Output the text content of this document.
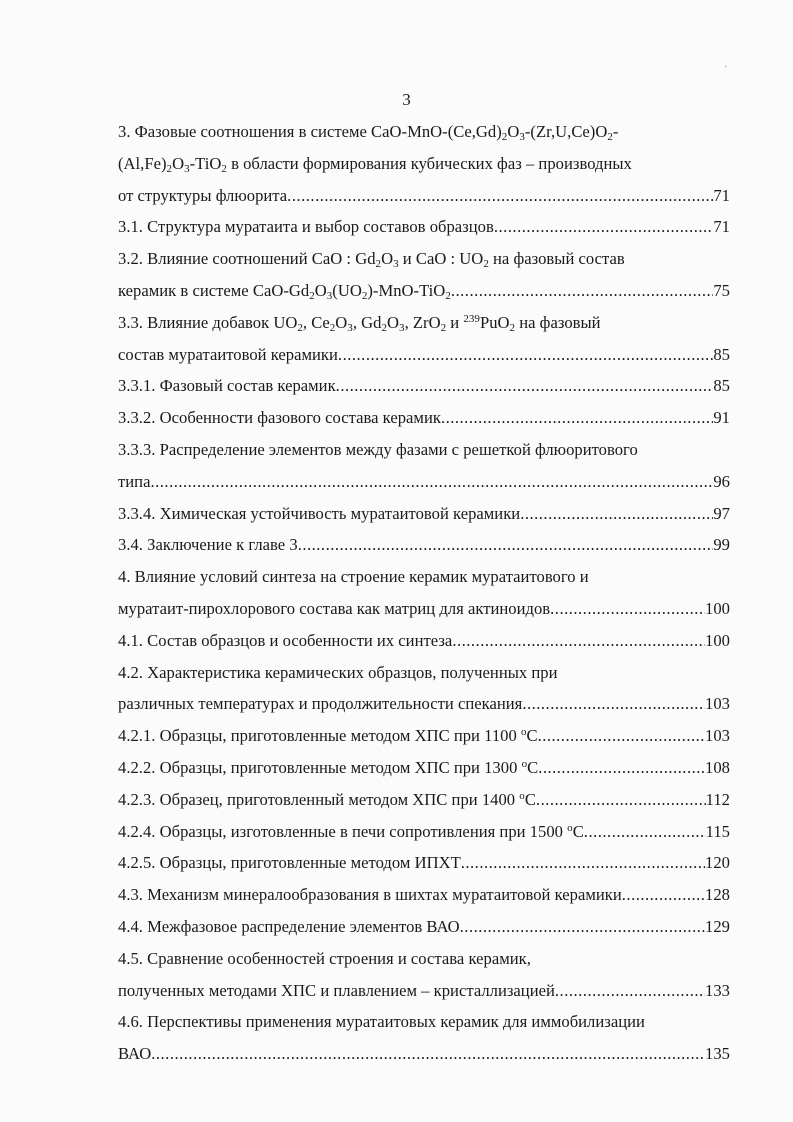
3
·
3. Фазовые соотношения в системе CaO-$MnO-(Ce,Gd)_2O_3-(Zr,U,Ce)O_2-$
$(Al,Fe)_2O_3-TiO_2$ в области формирования кубических фаз – производных
от структуры флюорита .....	71
3.1. Структура муратаита и выбор составов образцов .....	71
3.2. Влияние соотношений CaO : $Gd_2O_3$ и CaO : $UO_2$ на фазовый состав
керамик в системе CaO-$Gd_2O_3(UO_2)-MnO-TiO_2$ .....	75
3.3. Влияние добавок $UO_2$, $Ce_2O_3$, $Gd_2O_3$, ZrO$_2$ и $^{239}$PuO$_2$ на фазовый
состав муратаитовой керамики .....	85
3.3.1. Фазовый состав керамик .....	85
3.3.2. Особенности фазового состава керамик .....	91
3.3.3. Распределение элементов между фазами с решеткой флюоритового
типа .....	96
3.3.4. Химическая устойчивость муратаитовой керамики .....	97
3.4. Заключение к главе 3 .....	99
4. Влияние условий синтеза на строение керамик муратаитового и
муратаит-пирохлорового состава как матриц для актиноидов .....	100
4.1. Состав образцов и особенности их синтеза .....	100
4.2. Характеристика керамических образцов, полученных при
различных температурах и продолжительности спекания .....	103
4.2.1. Образцы, приготовленные методом ХПС при 1100 $^o$С .....	103
4.2.2. Образцы, приготовленные методом ХПС при 1300 $^o$С .....	108
4.2.3. Образец, приготовленный методом ХПС при 1400 $^o$С .....	112
4.2.4. Образцы, изготовленные в печи сопротивления при 1500 $^o$С .....	115
4.2.5. Образцы, приготовленные методом ИПХТ .....	120
4.3. Механизм минералообразования в шихтах муратаитовой керамики .....	128
4.4. Межфазовое распределение элементов ВАО .....	129
4.5. Сравнение особенностей строения и состава керамик,
полученных методами ХПС и плавлением – кристаллизацией .....	133
4.6. Перспективы применения муратаитовых керамик для иммобилизации
ВАО .....	135
